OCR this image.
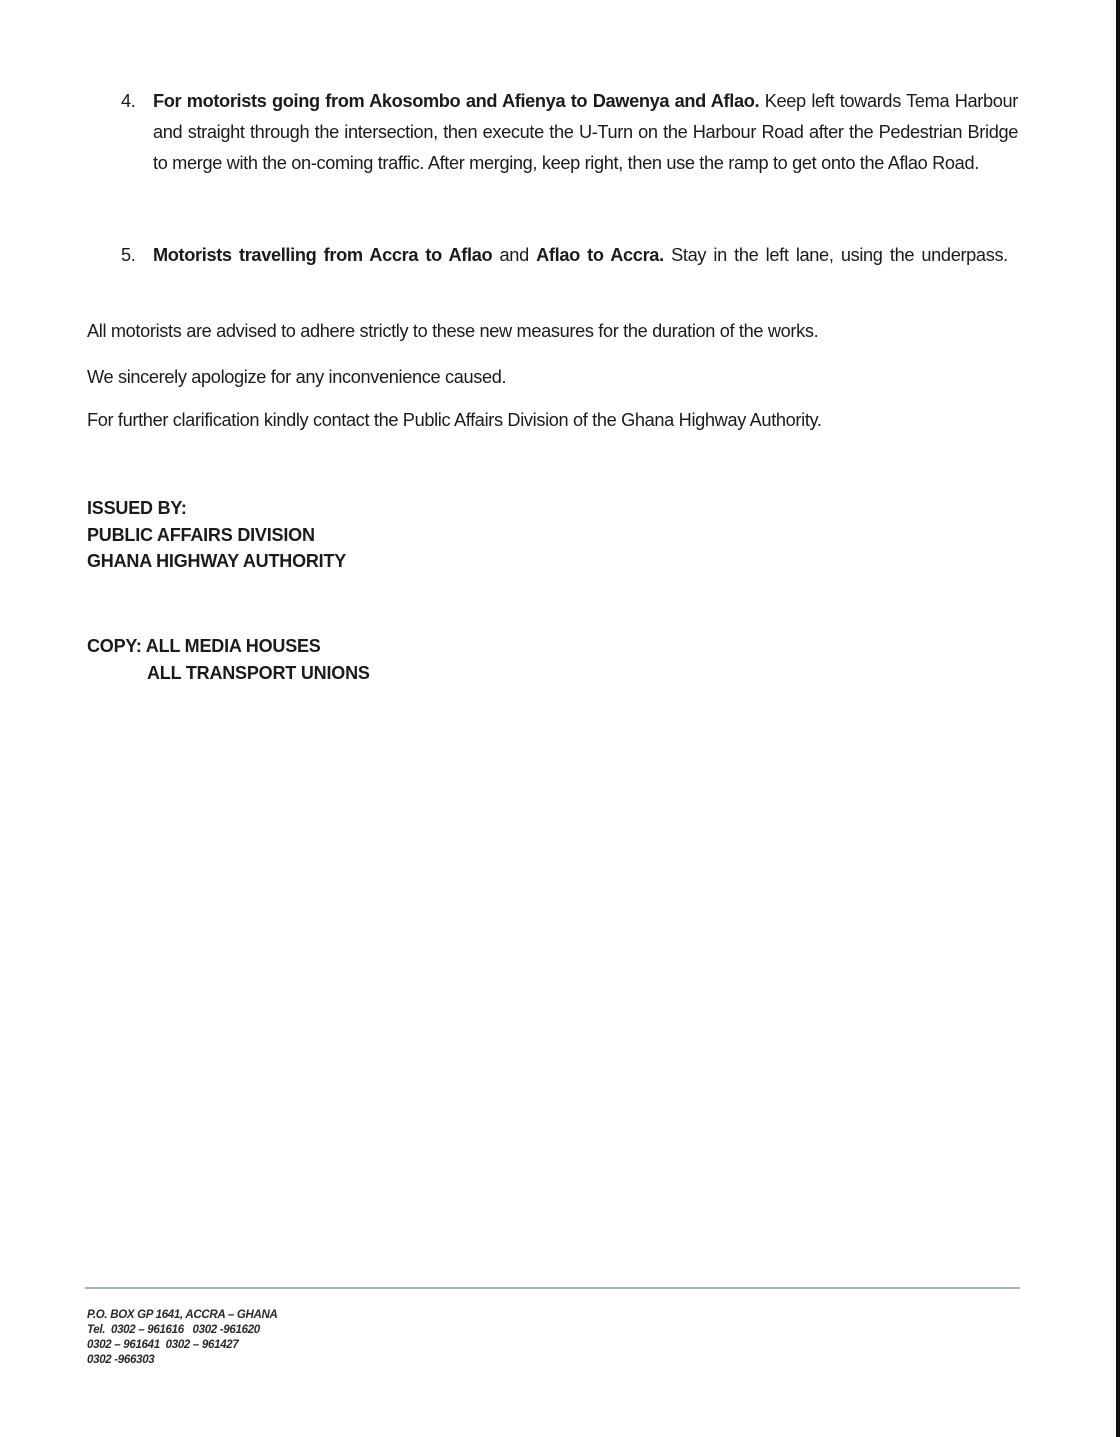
4. For motorists going from Akosombo and Afienya to Dawenya and Aflao. Keep left towards Tema Harbour and straight through the intersection, then execute the U-Turn on the Harbour Road after the Pedestrian Bridge to merge with the on-coming traffic. After merging, keep right, then use the ramp to get onto the Aflao Road.
5. Motorists travelling from Accra to Aflao and Aflao to Accra. Stay in the left lane, using the underpass.

All motorists are advised to adhere strictly to these new measures for the duration of the works.

We sincerely apologize for any inconvenience caused.

For further clarification kindly contact the Public Affairs Division of the Ghana Highway Authority.

ISSUED BY:
PUBLIC AFFAIRS DIVISION
GHANA HIGHWAY AUTHORITY
COPY: ALL MEDIA HOUSES
ALL TRANSPORT UNIONS
P.O. BOX GP 1641, ACCRA – GHANA
Tel.  0302 – 961616   0302 -961620
0302 – 961641  0302 – 961427
0302 -966303
